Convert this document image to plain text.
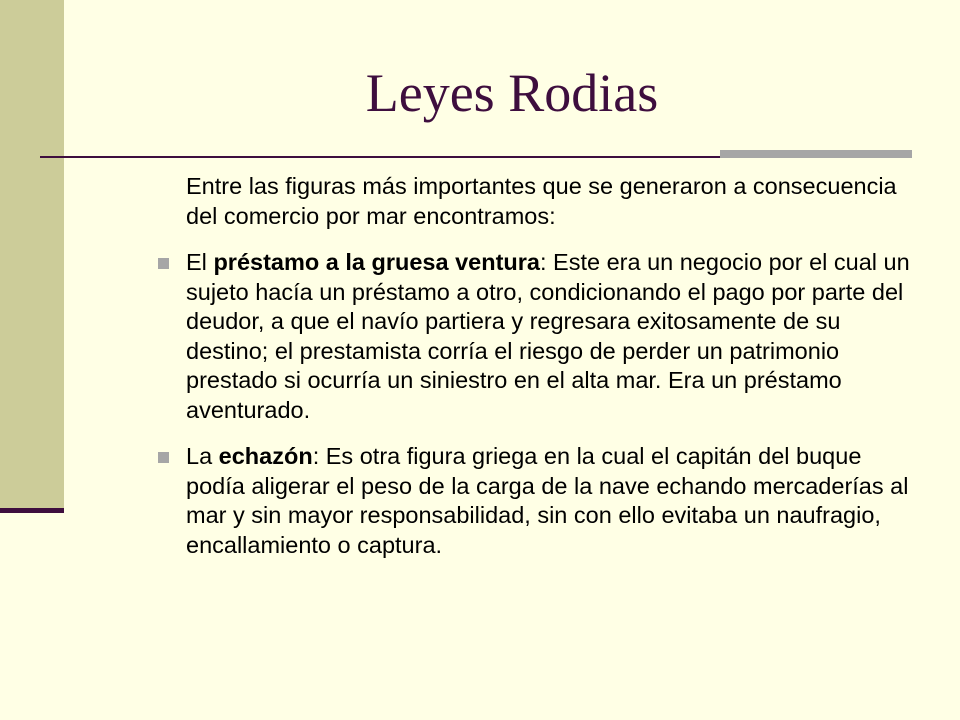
Leyes Rodias

Entre las figuras más importantes que se generaron a consecuencia del comercio por mar encontramos:

El préstamo a la gruesa ventura: Este era un negocio por el cual un sujeto hacía un préstamo a otro, condicionando el pago por parte del deudor, a que el navío partiera y regresara exitosamente de su destino; el prestamista corría el riesgo de perder un patrimonio prestado si ocurría un siniestro en el alta mar. Era un préstamo aventurado.

La echazón: Es otra figura griega en la cual el capitán del buque podía aligerar el peso de la carga de la nave echando mercaderías al mar y sin mayor responsabilidad, sin con ello evitaba un naufragio, encallamiento o captura.
